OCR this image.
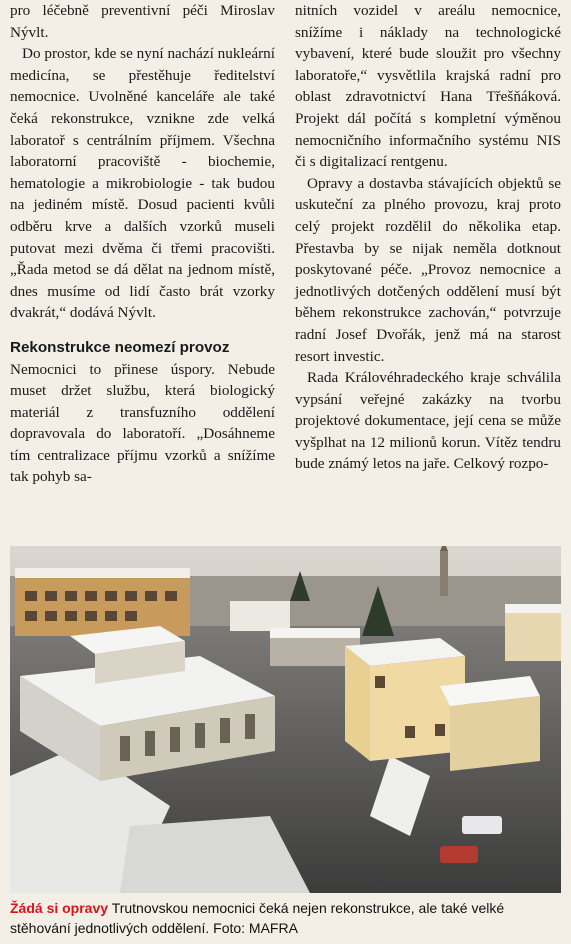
pro léčebně preventivní péči Miroslav Nývlt.

Do prostor, kde se nyní nachází nukleární medicína, se přestěhuje ředitelství nemocnice. Uvolněné kanceláře ale také čeká rekonstrukce, vznikne zde velká laboratoř s centrálním příjmem. Všechna laboratorní pracoviště - biochemie, hematologie a mikrobiologie - tak budou na jediném místě. Dosud pacienti kvůli odběru krve a dalších vzorků museli putovat mezi dvěma či třemi pracovišti. „Řada metod se dá dělat na jednom místě, dnes musíme od lidí často brát vzorky dvakrát,“ dodává Nývlt.

Rekonstrukce neomezí provoz

Nemocnici to přinese úspory. Nebude muset držet službu, která biologický materiál z transfuzního oddělení dopravovala do laboratoří. „Dosáhneme tím centralizace příjmu vzorků a snížíme tak pohyb sa-

nitních vozidel v areálu nemocnice, snížíme i náklady na technologické vybavení, které bude sloužit pro všechny laboratoře,“ vysvětlila krajská radní pro oblast zdravotnictví Hana Třešňáková. Projekt dál počítá s kompletní výměnou nemocničního informačního systému NIS či s digitalizací rentgenu.

Opravy a dostavba stávajících objektů se uskuteční za plného provozu, kraj proto celý projekt rozdělil do několika etap. Přestavba by se nijak neměla dotknout poskytované péče. „Provoz nemocnice a jednotlivých dotčených oddělení musí být během rekonstrukce zachován,“ potvrzuje radní Josef Dvořák, jenž má na starost resort investic.

Rada Královéhradeckého kraje schválila vypsání veřejné zakázky na tvorbu projektové dokumentace, její cena se může vyšplhat na 12 milionů korun. Vítěz tendru bude známý letos na jaře. Celkový rozpo-

Žádá si opravy Trutnovskou nemocnici čeká nejen rekonstrukce, ale také velké stěhování jednotlivých oddělení. Foto: MAFRA
